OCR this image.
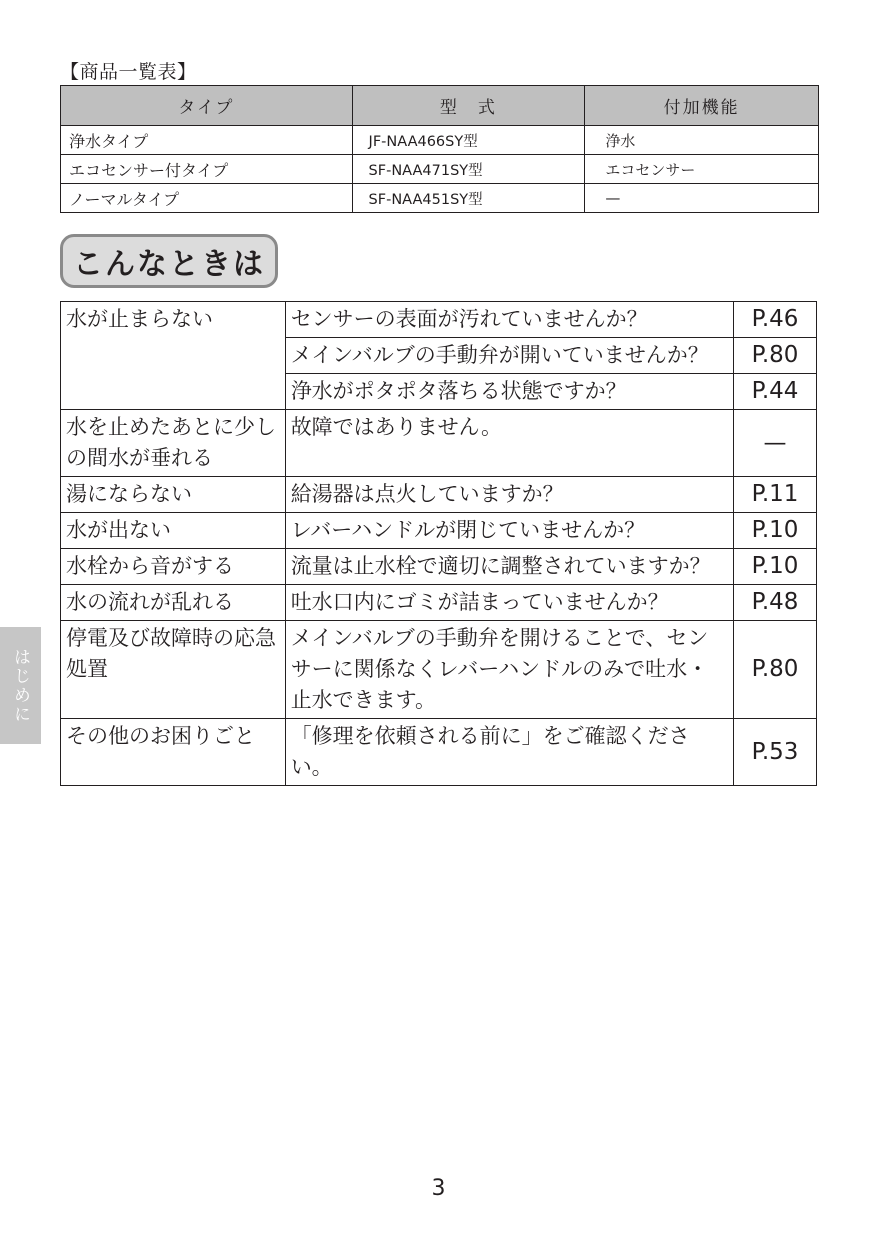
【商品一覧表】
タイプ	型　式	付加機能
浄水タイプ	JF-NAA466SY型	浄水
エコセンサー付タイプ	SF-NAA471SY型	エコセンサー
ノーマルタイプ	SF-NAA451SY型	—
こんなときは
水が止まらない	センサーの表面が汚れていませんか？	P.46
	メインバルブの手動弁が開いていませんか？	P.80
	浄水がポタポタ落ちる状態ですか？	P.44
水を止めたあとに少しの間水が垂れる	故障ではありません。	—
湯にならない	給湯器は点火していますか？	P.11
水が出ない	レバーハンドルが閉じていませんか？	P.10
水栓から音がする	流量は止水栓で適切に調整されていますか？	P.10
水の流れが乱れる	吐水口内にゴミが詰まっていませんか？	P.48
停電及び故障時の応急処置	メインバルブの手動弁を開けることで、センサーに関係なくレバーハンドルのみで吐水・止水できます。	P.80
その他のお困りごと	「修理を依頼される前に」をご確認ください。	P.53
はじめに
3
